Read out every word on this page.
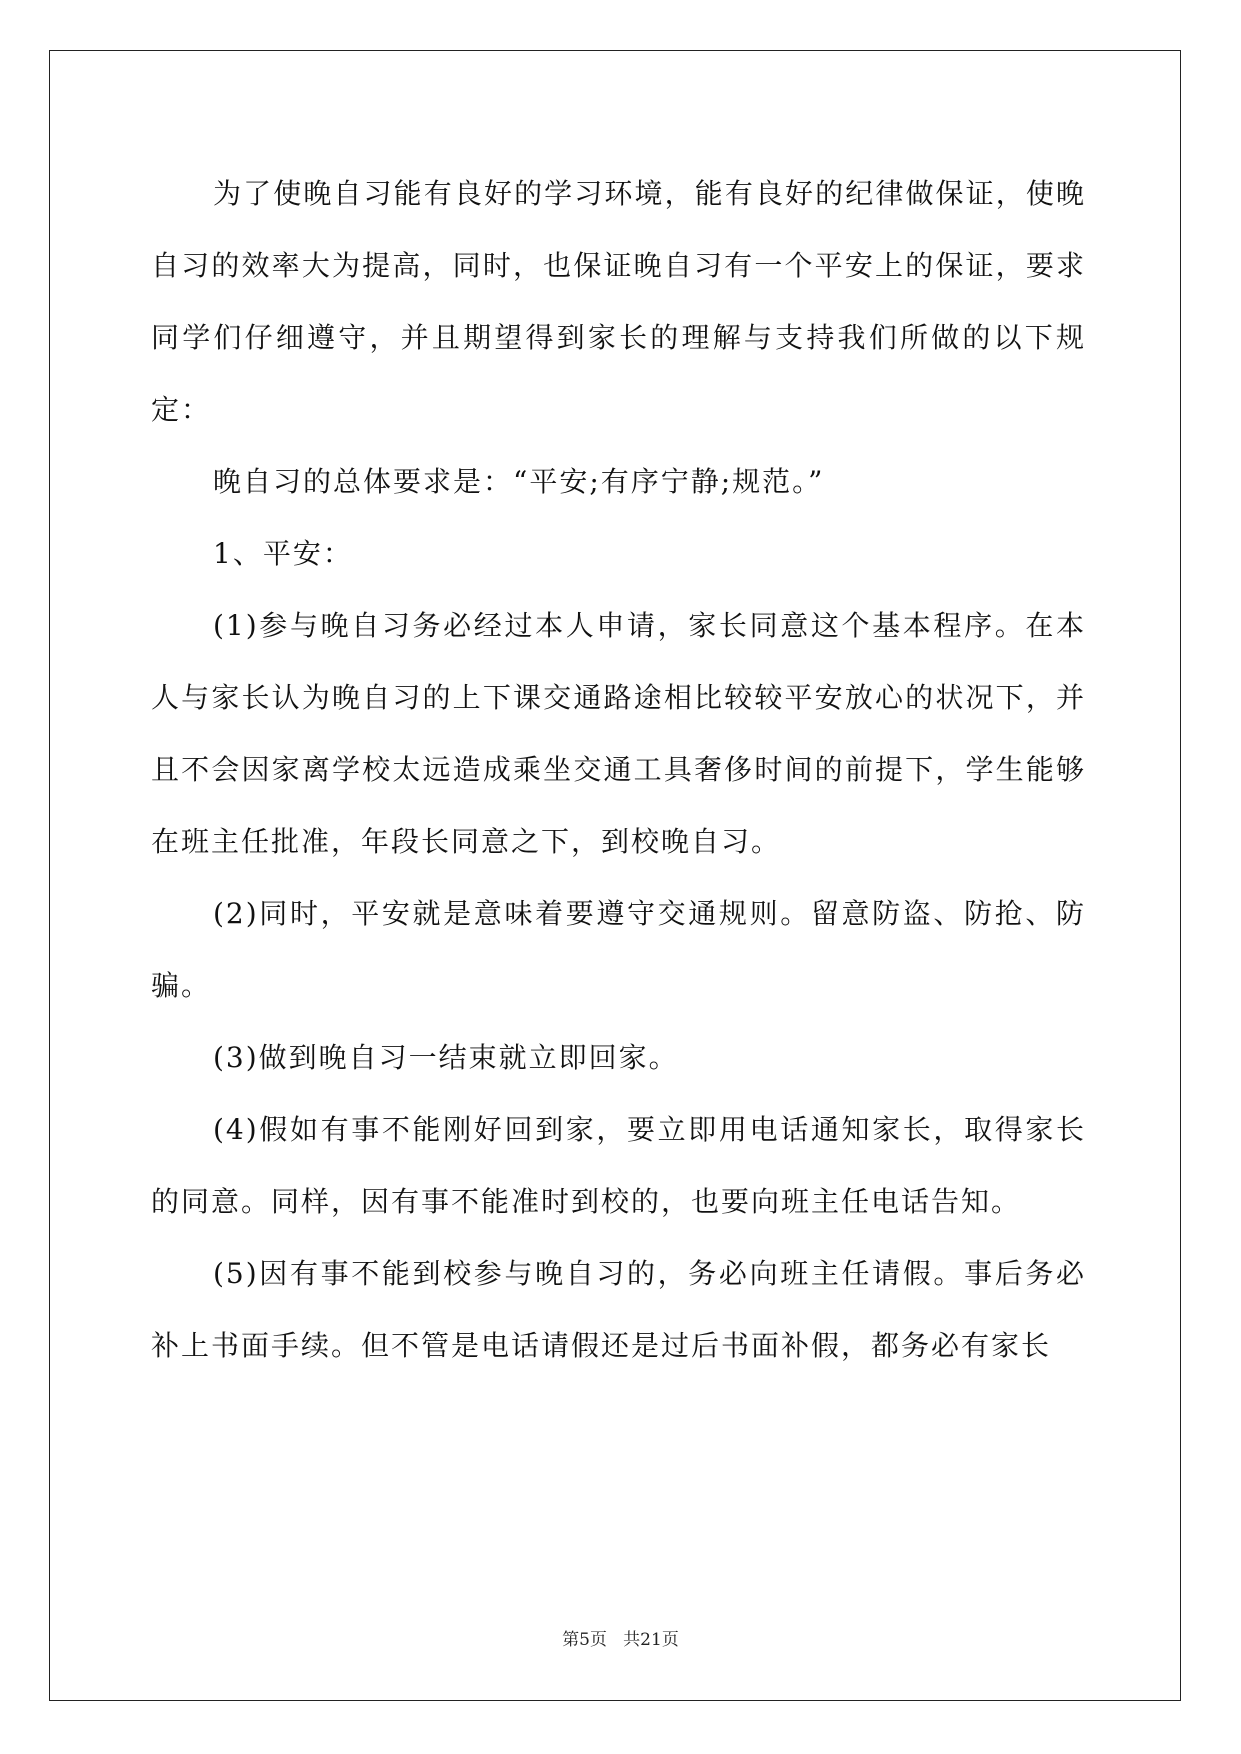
为了使晚自习能有良好的学习环境，能有良好的纪律做保证，使晚自习的效率大为提高，同时，也保证晚自习有一个平安上的保证，要求同学们仔细遵守，并且期望得到家长的理解与支持我们所做的以下规定：

晚自习的总体要求是：“平安;有序宁静;规范。”

1、平安：

(1)参与晚自习务必经过本人申请，家长同意这个基本程序。在本人与家长认为晚自习的上下课交通路途相比较较平安放心的状况下，并且不会因家离学校太远造成乘坐交通工具奢侈时间的前提下，学生能够在班主任批准，年段长同意之下，到校晚自习。

(2)同时，平安就是意味着要遵守交通规则。留意防盗、防抢、防骗。

(3)做到晚自习一结束就立即回家。

(4)假如有事不能刚好回到家，要立即用电话通知家长，取得家长的同意。同样，因有事不能准时到校的，也要向班主任电话告知。

(5)因有事不能到校参与晚自习的，务必向班主任请假。事后务必补上书面手续。但不管是电话请假还是过后书面补假，都务必有家长

第5页   共21页
